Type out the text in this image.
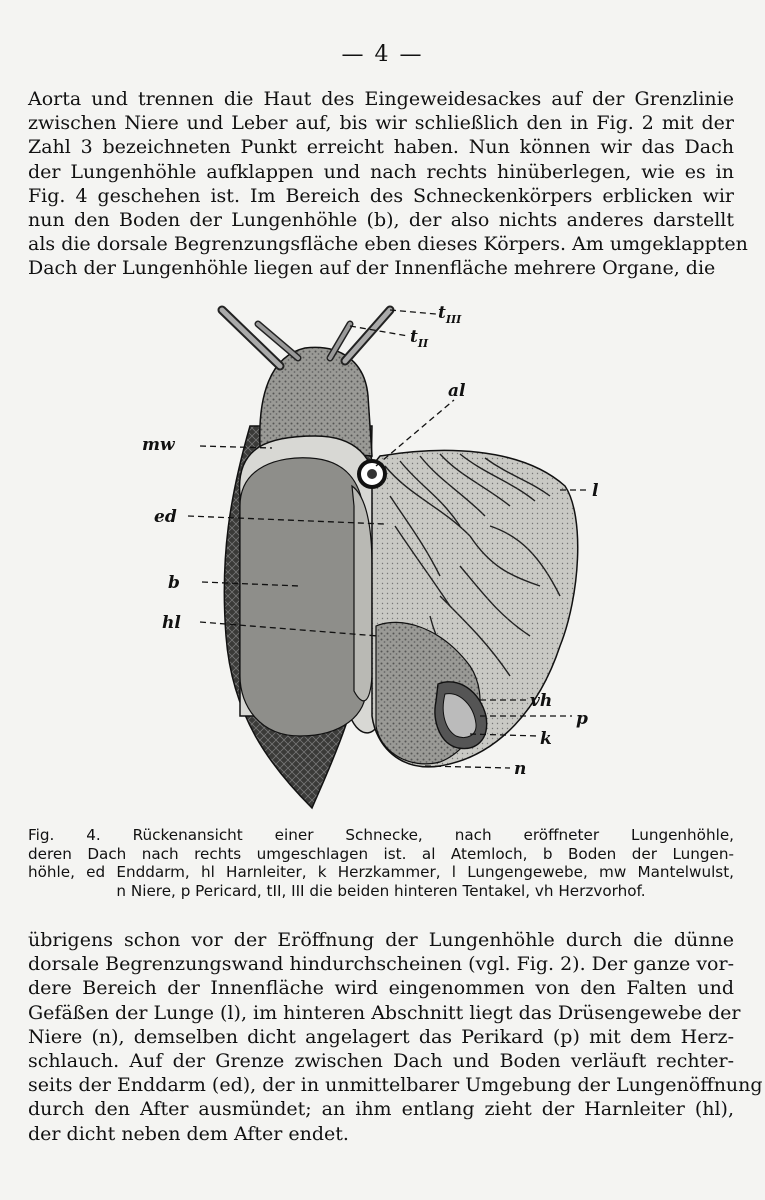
— 4 —

Aorta und trennen die Haut des Eingeweidesackes auf der Grenzlinie
zwischen Niere und Leber auf, bis wir schließlich den in Fig. 2 mit der
Zahl 3 bezeichneten Punkt erreicht haben. Nun können wir das Dach
der Lungenhöhle aufklappen und nach rechts hinüberlegen, wie es in
Fig. 4 geschehen ist. Im Bereich des Schneckenkörpers erblicken wir
nun den Boden der Lungenhöhle (b), der also nichts anderes darstellt
als die dorsale Begrenzungsfläche eben dieses Körpers. Am umgeklappten
Dach der Lungenhöhle liegen auf der Innenfläche mehrere Organe, die

$t_{III}$
$t_{II}$
al
mw
l
ed
b
hl
vh
p
k
n
Fig. 4. Rückenansicht einer Schnecke, nach eröffneter Lungenhöhle,
deren Dach nach rechts umgeschlagen ist. al Atemloch, b Boden der Lungen-
höhle, ed Enddarm, hl Harnleiter, k Herzkammer, l Lungengewebe, mw Mantelwulst,
n Niere, p Pericard, tII, III die beiden hinteren Tentakel, vh Herzvorhof.

übrigens schon vor der Eröffnung der Lungenhöhle durch die dünne
dorsale Begrenzungswand hindurchscheinen (vgl. Fig. 2). Der ganze vor-
dere Bereich der Innenfläche wird eingenommen von den Falten und
Gefäßen der Lunge (l), im hinteren Abschnitt liegt das Drüsengewebe der
Niere (n), demselben dicht angelagert das Perikard (p) mit dem Herz-
schlauch. Auf der Grenze zwischen Dach und Boden verläuft rechter-
seits der Enddarm (ed), der in unmittelbarer Umgebung der Lungenöffnung
durch den After ausmündet; an ihm entlang zieht der Harnleiter (hl),
der dicht neben dem After endet.
